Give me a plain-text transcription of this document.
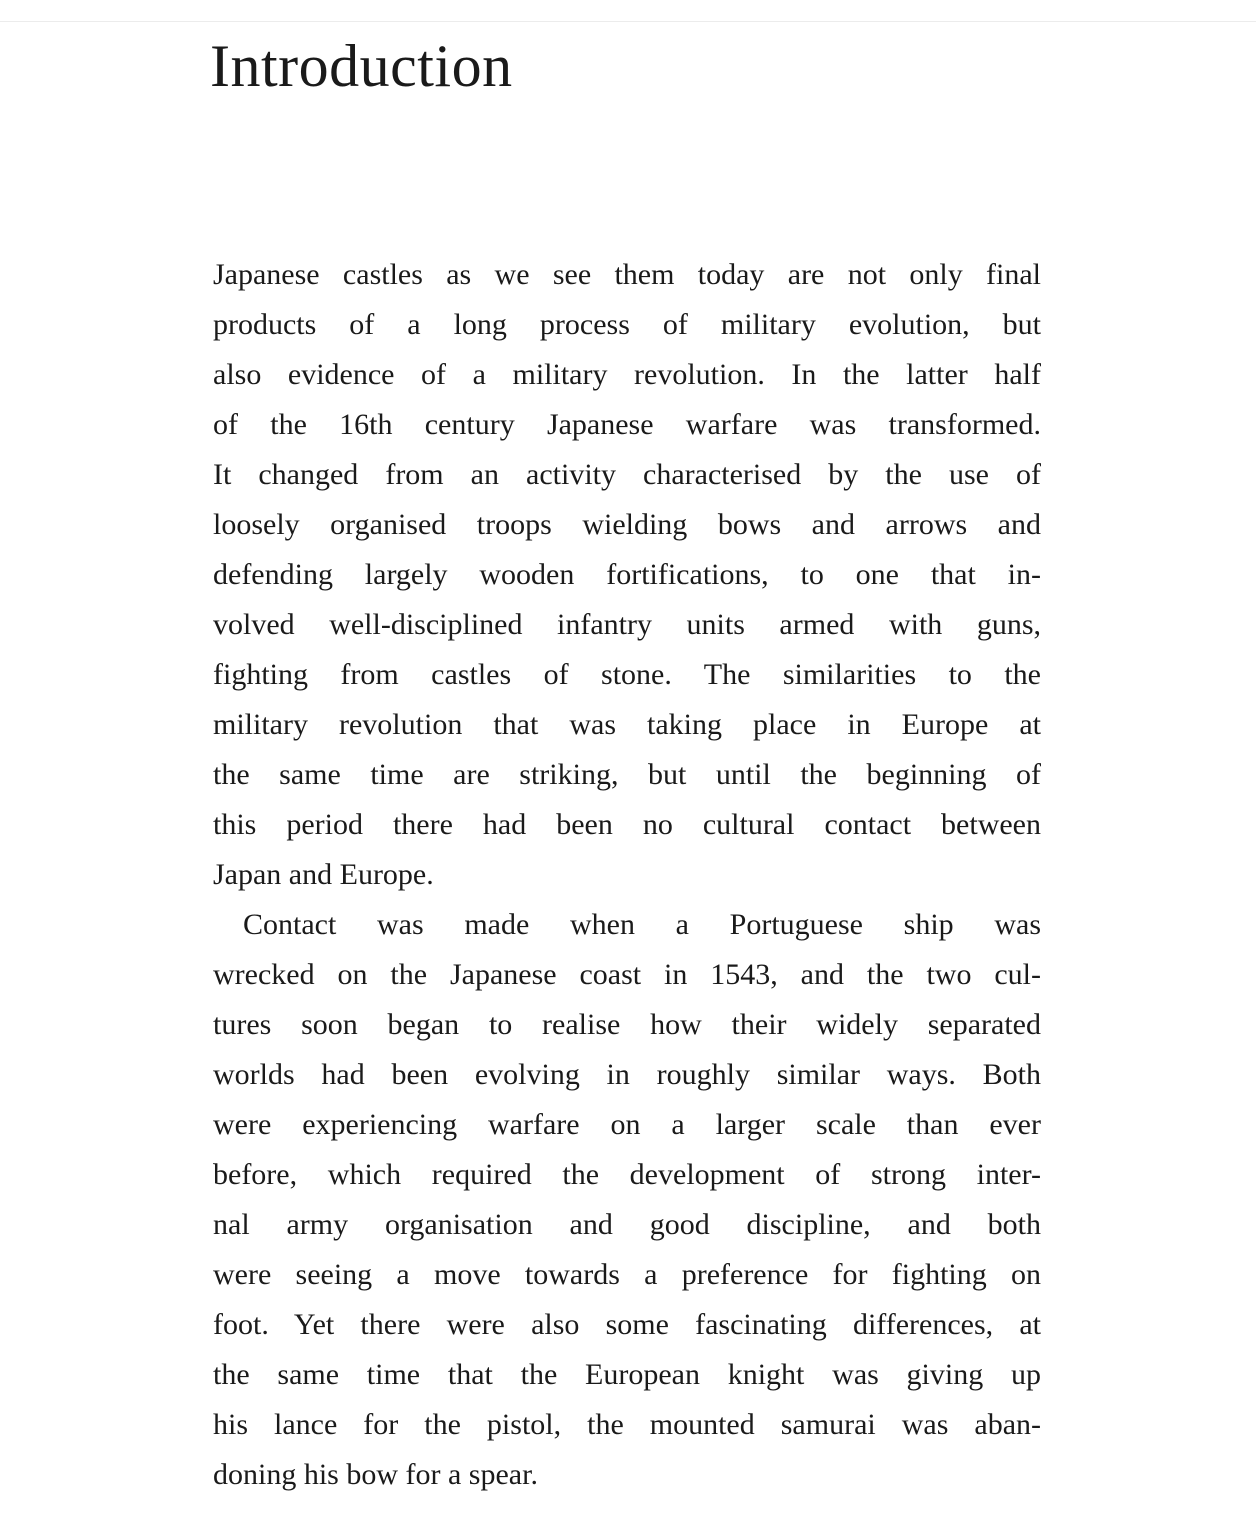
Introduction
Japanese castles as we see them today are not only final
products of a long process of military evolution, but
also evidence of a military revolution. In the latter half
of the 16th century Japanese warfare was transformed.
It changed from an activity characterised by the use of
loosely organised troops wielding bows and arrows and
defending largely wooden fortifications, to one that in-
volved well-disciplined infantry units armed with guns,
fighting from castles of stone. The similarities to the
military revolution that was taking place in Europe at
the same time are striking, but until the beginning of
this period there had been no cultural contact between
Japan and Europe.
Contact was made when a Portuguese ship was
wrecked on the Japanese coast in 1543, and the two cul-
tures soon began to realise how their widely separated
worlds had been evolving in roughly similar ways. Both
were experiencing warfare on a larger scale than ever
before, which required the development of strong inter-
nal army organisation and good discipline, and both
were seeing a move towards a preference for fighting on
foot. Yet there were also some fascinating differences, at
the same time that the European knight was giving up
his lance for the pistol, the mounted samurai was aban-
doning his bow for a spear.
